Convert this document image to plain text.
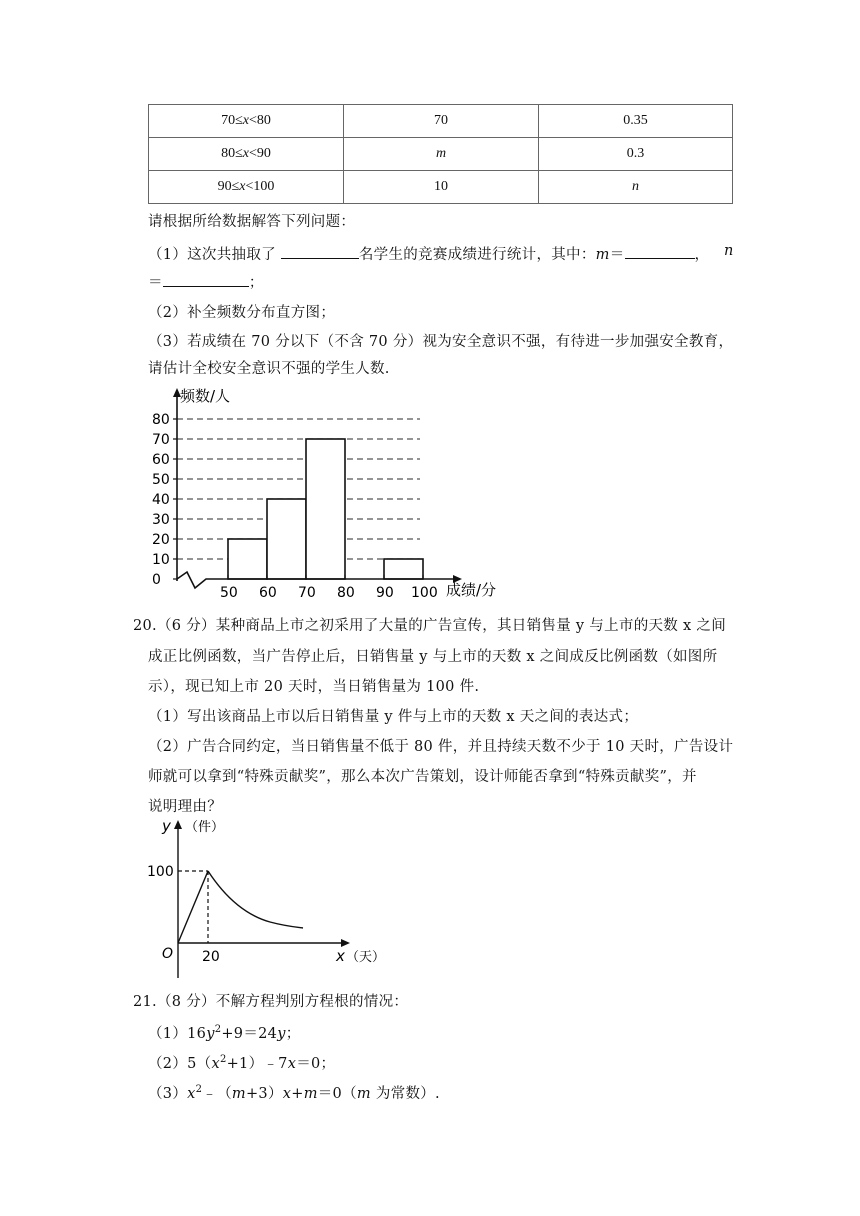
70≤x<80	70	0.35
80≤x<90	m	0.3
90≤x<100	10	n
请根据所给数据解答下列问题：
（1）这次共抽取了	名学生的竞赛成绩进行统计，其中：m＝	， n
＝	；
（2）补全频数分布直方图；
（3）若成绩在 70 分以下（不含 70 分）视为安全意识不强，有待进一步加强安全教育，
请估计全校安全意识不强的学生人数.
0
10
20
30
40
50
60
70
80
50 60 70 80 90 100
频数/人
成绩/分
20.（6 分）某种商品上市之初采用了大量的广告宣传，其日销售量 y 与上市的天数 x 之间
成正比例函数，当广告停止后，日销售量 y 与上市的天数 x 之间成反比例函数（如图所
示），现已知上市 20 天时，当日销售量为 100 件.
（1）写出该商品上市以后日销售量 y 件与上市的天数 x 天之间的表达式；
（2）广告合同约定，当日销售量不低于 80 件，并且持续天数不少于 10 天时，广告设计
师就可以拿到“特殊贡献奖”，那么本次广告策划，设计师能否拿到“特殊贡献奖”，并
说明理由？
y （件）
100
O 20	x （天）
21.（8 分）不解方程判别方程根的情况：
$(1)16y^2+9=24y$；
$(2)5(x^2+1)﹣7x=0$；
$(3)x^2﹣(m+3)x+m=0(m$ 为常数）.
